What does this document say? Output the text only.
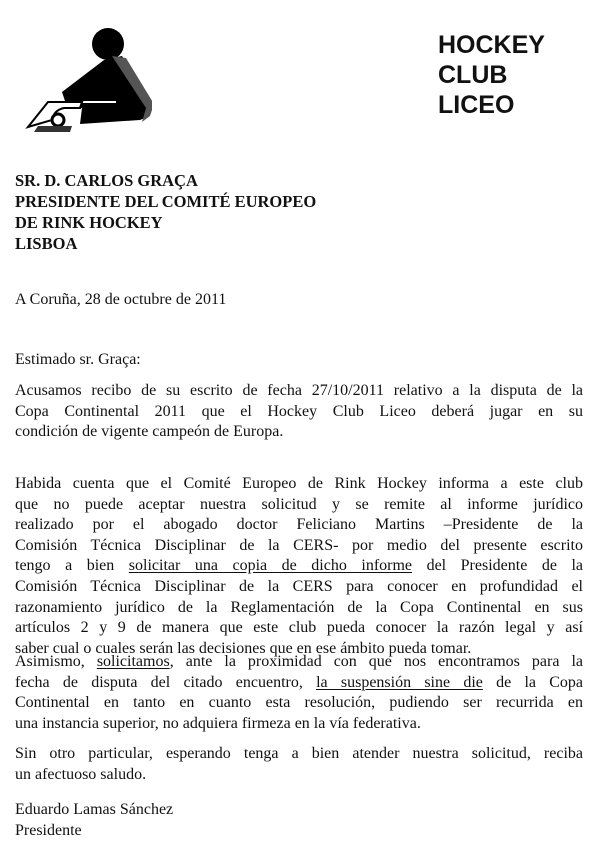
HOCKEY
CLUB
LICEO
SR. D. CARLOS GRAÇA
PRESIDENTE DEL COMITÉ EUROPEO
DE RINK HOCKEY
LISBOA
A Coruña, 28 de octubre de 2011
Estimado sr. Graça:
Acusamos recibo de su escrito de fecha 27/10/2011 relativo a la disputa de la
Copa Continental 2011 que el Hockey Club Liceo deberá jugar en su
condición de vigente campeón de Europa.
Habida cuenta que el Comité Europeo de Rink Hockey informa a este club
que no puede aceptar nuestra solicitud y se remite al informe jurídico
realizado por el abogado doctor Feliciano Martins –Presidente de la
Comisión Técnica Disciplinar de la CERS- por medio del presente escrito
tengo a bien solicitar una copia de dicho informe del Presidente de la
Comisión Técnica Disciplinar de la CERS para conocer en profundidad el
razonamiento jurídico de la Reglamentación de la Copa Continental en sus
artículos 2 y 9 de manera que este club pueda conocer la razón legal y así
saber cual o cuales serán las decisiones que en ese ámbito pueda tomar.
Asimismo, solicitamos, ante la proximidad con que nos encontramos para la
fecha de disputa del citado encuentro, la suspensión sine die de la Copa
Continental en tanto en cuanto esta resolución, pudiendo ser recurrida en
una instancia superior, no adquiera firmeza en la vía federativa.
Sin otro particular, esperando tenga a bien atender nuestra solicitud, reciba
un afectuoso saludo.
Eduardo Lamas Sánchez
Presidente
